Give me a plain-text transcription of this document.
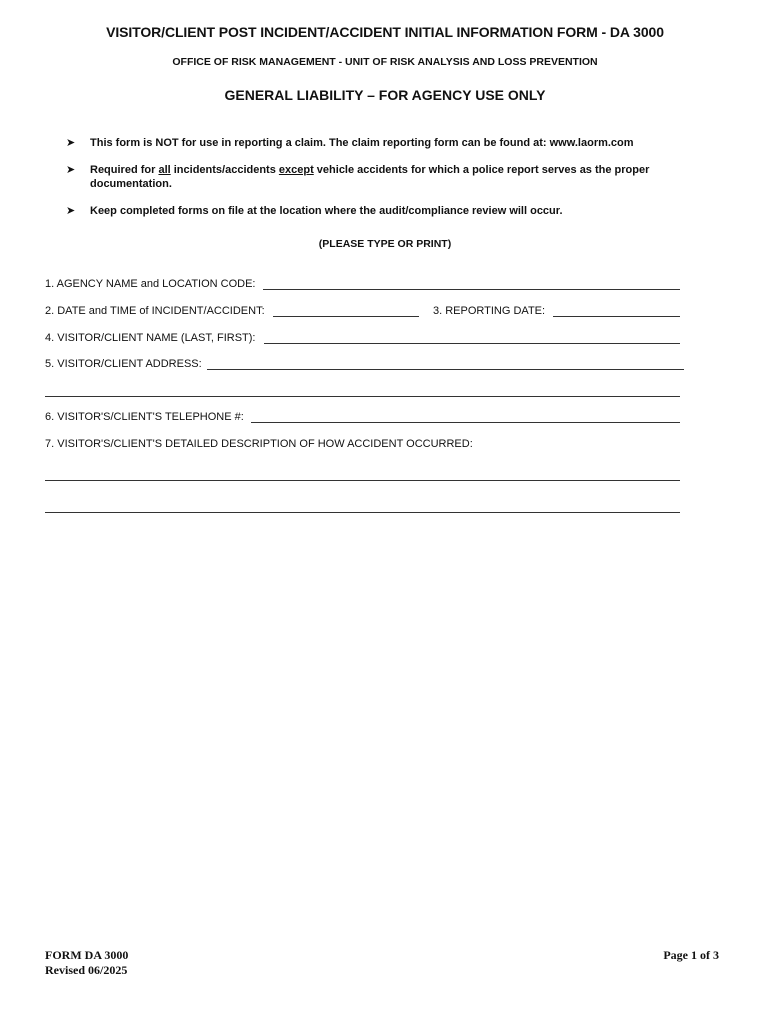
VISITOR/CLIENT POST INCIDENT/ACCIDENT INITIAL INFORMATION FORM - DA 3000
OFFICE OF RISK MANAGEMENT - UNIT OF RISK ANALYSIS AND LOSS PREVENTION
GENERAL LIABILITY – FOR AGENCY USE ONLY
➤ This form is NOT for use in reporting a claim. The claim reporting form can be found at: www.laorm.com
➤ Required for all incidents/accidents except vehicle accidents for which a police report serves as the proper documentation.
➤ Keep completed forms on file at the location where the audit/compliance review will occur.
(PLEASE TYPE OR PRINT)
1. AGENCY NAME and LOCATION CODE:
2. DATE and TIME of INCIDENT/ACCIDENT:	3. REPORTING DATE:
4. VISITOR/CLIENT NAME (LAST, FIRST):
5. VISITOR/CLIENT ADDRESS:
6. VISITOR'S/CLIENT'S TELEPHONE #:
7. VISITOR'S/CLIENT'S DETAILED DESCRIPTION OF HOW ACCIDENT OCCURRED:
FORM DA 3000
Revised 06/2025
Page 1 of 3
